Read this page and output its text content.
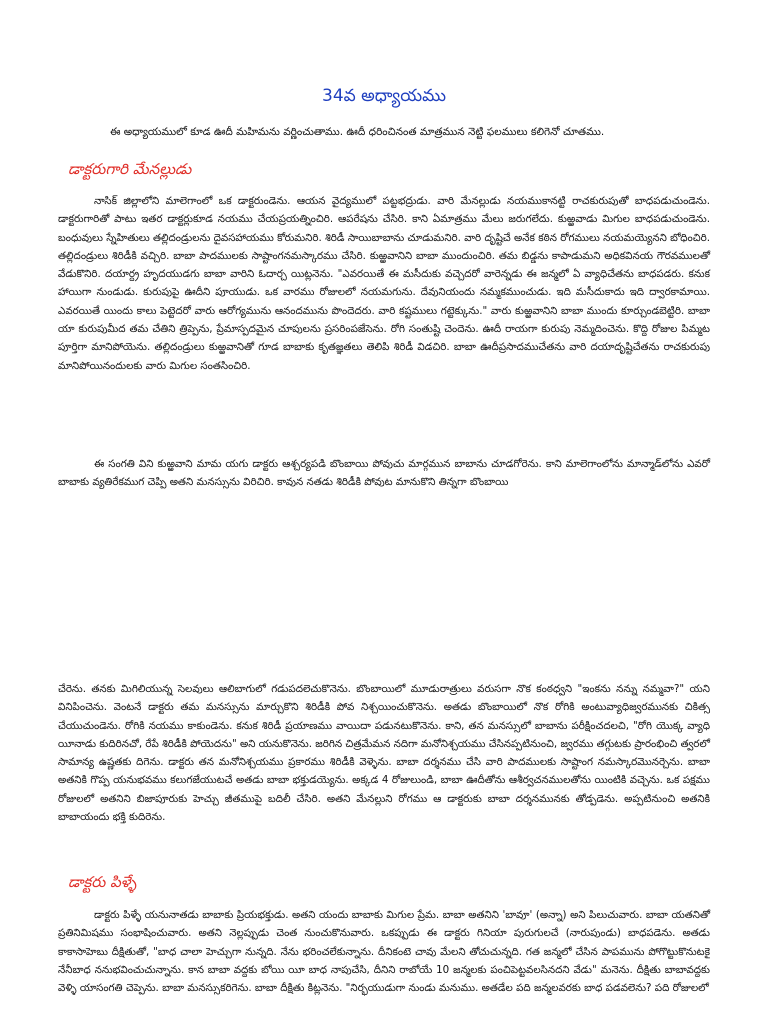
34వ అధ్యాయము

ఈ అధ్యాయములో కూడ ఊదీ మహిమను వర్ణించుతాము. ఊదీ ధరించినంత మాత్రమున నెట్టి ఫలములు కలిగెనో చూతము.

డాక్టరుగారి మేనల్లుడు

నాసిక్ జిల్లాలోని మాలెగాంలో ఒక డాక్టరుండెను. ఆయన వైద్యములో పట్టభద్రుడు. వారి మేనల్లుడు నయముకానట్టి రాచకురుపుతో బాధపడుచుండెను. డాక్టరుగారితో పాటు ఇతర డాక్టర్లుకూడ నయము చేయప్రయత్నించిరి. ఆపరేషను చేసిరి. కాని ఏమాత్రము మేలు జరుగలేదు. కుఱ్ఱవాడు మిగుల బాధపడుచుండెను. బంధువులు స్నేహితులు తల్లిదండ్రులను దైవసహాయము కోరుమనిరి. శిరిడీ సాయిబాబాను చూడుమనిరి. వారి దృష్టిచే అనేక కఠిన రోగములు నయమయ్యెనని బోధించిరి. తల్లిదండ్రులు శిరిడీకి వచ్చిరి. బాబా పాదములకు సాష్టాంగనమస్కారము చేసిరి. కుఱ్ఱవానిని బాబా ముందుంచిరి. తమ బిడ్డను కాపాడుమని అధికవినయ గౌరవములతో వేడుకొనిరి. దయార్ద్ర హృదయుడగు బాబా వారిని ఓదార్చ యిట్లనెను. "ఎవరయితే ఈ మసీదుకు వచ్చెదరో వారెన్నడు ఈ జన్మలో ఏ వ్యాధిచేతను బాధపడరు. కనుక హాయిగా నుండుడు. కురుపుపై ఊదీని పూయుడు. ఒక వారము రోజులలో నయమగును. దేవునియందు నమ్మకముంచుడు. ఇది మసీదుకాదు ఇది ద్వారకామాయి. ఎవరయితే యిందు కాలు పెట్టెదరో వారు ఆరోగ్యమును ఆనందమును పొందెదరు. వారి కష్టములు గట్టెక్కును." వారు కుఱ్ఱవానిని బాబా ముందు కూర్చుండబెట్టిరి. బాబా యా కురుపుమీద తమ చేతిని త్రిప్పెను, ప్రేమాస్పదమైన చూపులను ప్రసరింపజేసెను. రోగి సంతుష్టి చెందెను. ఊదీ రాయగా కురుపు నెమ్మదించెను. కొద్ది రోజుల పిమ్మట పూర్తిగా మానిపోయెను. తల్లిదండ్రులు కుఱ్ఱవానితో గూడ బాబాకు కృతజ్ఞతలు తెలిపి శిరిడీ విడచిరి. బాబా ఊదీప్రసాదముచేతను వారి దయాదృష్టిచేతను రాచకురుపు మానిపోయినందులకు వారు మిగుల సంతసించిరి.

ఈ సంగతి విని కుఱ్ఱవాని మామ యగు డాక్టరు ఆశ్చర్యపడి బొంబాయి పోవుచు మార్గమున బాబాను చూడగోరెను. కాని మాలెగాంలోను మాన్మాడ్‌లోను ఎవరో బాబాకు వ్యతిరేకముగ చెప్పి అతని మనస్సును విరిచిరి. కావున నతడు శిరిడీకి పోవుట మానుకొని తిన్నగా బొంబాయి

చేరెను. తనకు మిగిలియున్న సెలవులు ఆలిబాగులో గడుపదలెచుకొనెను. బొంబాయిలో మూడురాత్రులు వరుసగా నొక కంఠధ్వని "ఇంకను నన్ను నమ్మవా?" యని వినిపించెను. వెంటనే డాక్టరు తమ మనస్సును మార్చుకొని శిరిడీకి పోవ నిశ్చయించుకొనెను. అతడు బొంబాయిలో నొక రోగికి అంటువ్యాధిజ్వరమునకు చికిత్స చేయుచుండెను. రోగికి నయము కాకుండెను. కనుక శిరిడీ ప్రయాణము వాయిదా పడునటుకొనెను. కాని, తన మనస్సులో బాబాను పరీక్షించదలచి, "రోగి యొక్క వ్యాధి యీనాడు కుదిరినచో, రేపే శిరిడీకి పోయెదను" అని యనుకొనెను. జరిగిన చిత్రమేమన నదిగా మనోనిశ్చయము చేసినప్పటినుంచి, జ్వరము తగ్గుటకు ప్రారంభించి త్వరలో సామాన్య ఉష్ణతకు దిగెను. డాక్టరు తన మనోనిశ్చయము ప్రకారము శిరిడీకి వెళ్ళెను. బాబా దర్శనము చేసి వారి పాదములకు సాష్టాంగ నమస్కారమొనర్చెను. బాబా అతనికి గొప్ప యనుభవము కలుగజేయుటచే అతడు బాబా భక్తుడయ్యెను. అక్కడ 4 రోజులుండి, బాబా ఊదీతోను ఆశీర్వచనములతోను యింటికి వచ్చెను. ఒక పక్షము రోజులలో అతనిని బిజాపూరుకు హెచ్చు జీతముపై బదిలీ చేసిరి. అతని మేనల్లుని రోగము ఆ డాక్టరుకు బాబా దర్శనమునకు తోడ్పడెను. అప్పటినుంచి అతనికి బాబాయందు భక్తి కుదిరెను.

డాక్టరు పిళ్ళే

డాక్టరు పిళ్ళే యనునాతడు బాబాకు ప్రియభక్తుడు. అతని యందు బాబాకు మిగుల ప్రేమ. బాబా అతనిని 'బావూ' (అన్నా) అని పిలుచువారు. బాబా యతనితో ప్రతినిమిషము సంభాషించువారు. అతని నెల్లప్పుడు చెంత నుంచుకొనువారు. ఒకప్పుడు ఈ డాక్టరు గినియా పురుగులచే (నారుపుండు) బాధపడెను. అతడు కాకాసాహెబు దీక్షితుతో, "బాధ చాలా హెచ్చుగా నున్నది. నేను భరించలేకున్నాను. దీనికంటె చావు మేలని తోచుచున్నది. గత జన్మలో చేసిన పాపమును పోగొట్టుకొనుటకై నేనీబాధ ననుభవించుచున్నాను. కాన బాబా వద్దకు బోయి యీ బాధ నాపుచేసి, దీనిని రాబోయే 10 జన్మలకు పంచిపెట్టవలసినదని వేడు" మనెను. దీక్షితు బాబావద్దకు వెళ్ళి యాసంగతి చెప్పెను. బాబా మనస్సుకరిగెను. బాబా దీక్షితు కిట్లనెను. "నిర్భయుడుగా నుండు మనుము. అతడేల పది జన్మలవరకు బాధ పడవలెను? పది రోజులలో
